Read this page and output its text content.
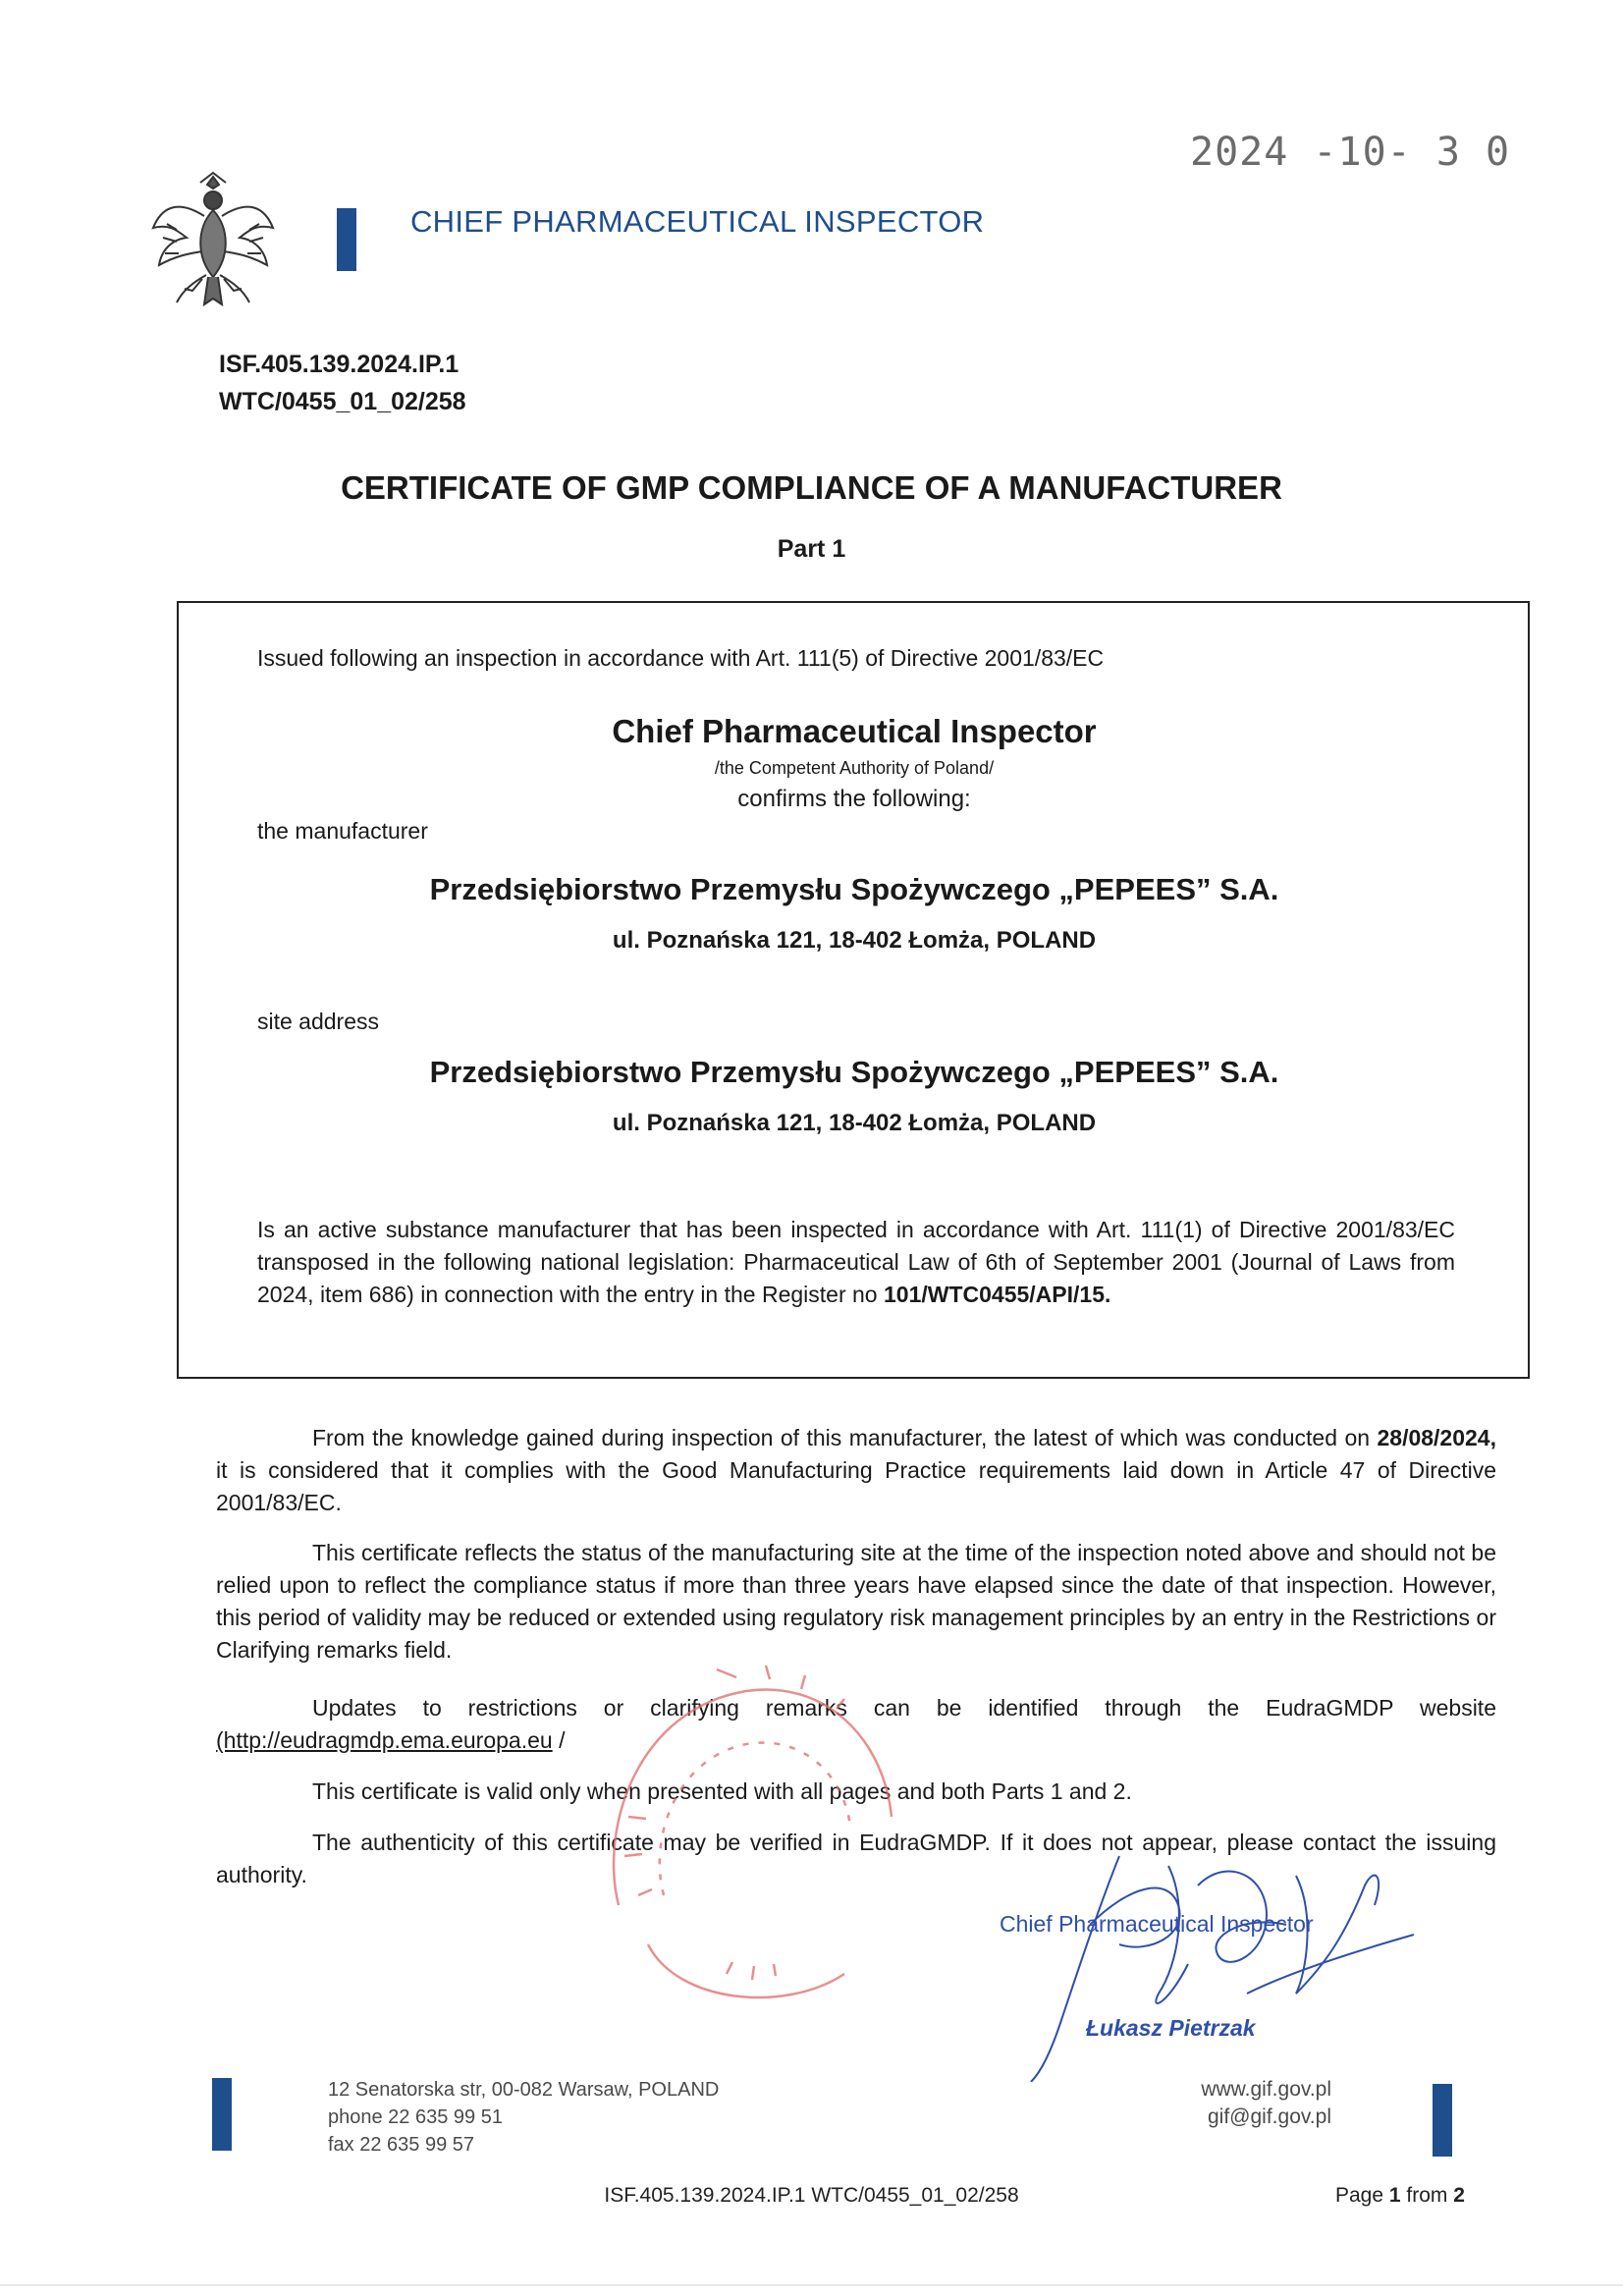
2024 -10- 3 0
CHIEF PHARMACEUTICAL INSPECTOR
ISF.405.139.2024.IP.1
WTC/0455_01_02/258
CERTIFICATE OF GMP COMPLIANCE OF A MANUFACTURER
Part 1
Issued following an inspection in accordance with Art. 111(5) of Directive 2001/83/EC
Chief Pharmaceutical Inspector
/the Competent Authority of Poland/
confirms the following:
the manufacturer
Przedsiębiorstwo Przemysłu Spożywczego „PEPEES” S.A.
ul. Poznańska 121, 18-402 Łomża, POLAND
site address
Przedsiębiorstwo Przemysłu Spożywczego „PEPEES” S.A.
ul. Poznańska 121, 18-402 Łomża, POLAND
Is an active substance manufacturer that has been inspected in accordance with Art. 111(1) of Directive 2001/83/EC transposed in the following national legislation: Pharmaceutical Law of 6th of September 2001 (Journal of Laws from 2024, item 686) in connection with the entry in the Register no 101/WTC0455/API/15.
From the knowledge gained during inspection of this manufacturer, the latest of which was conducted on 28/08/2024, it is considered that it complies with the Good Manufacturing Practice requirements laid down in Article 47 of Directive 2001/83/EC.
This certificate reflects the status of the manufacturing site at the time of the inspection noted above and should not be relied upon to reflect the compliance status if more than three years have elapsed since the date of that inspection. However, this period of validity may be reduced or extended using regulatory risk management principles by an entry in the Restrictions or Clarifying remarks field.
Updates to restrictions or clarifying remarks can be identified through the EudraGMDP website (http://eudragmdp.ema.europa.eu /
This certificate is valid only when presented with all pages and both Parts 1 and 2.
The authenticity of this certificate may be verified in EudraGMDP. If it does not appear, please contact the issuing authority.
Chief Pharmaceutical Inspector
Łukasz Pietrzak
12 Senatorska str, 00-082 Warsaw, POLAND
phone 22 635 99 51
fax 22 635 99 57
www.gif.gov.pl
gif@gif.gov.pl
ISF.405.139.2024.IP.1 WTC/0455_01_02/258	Page 1 from 2
